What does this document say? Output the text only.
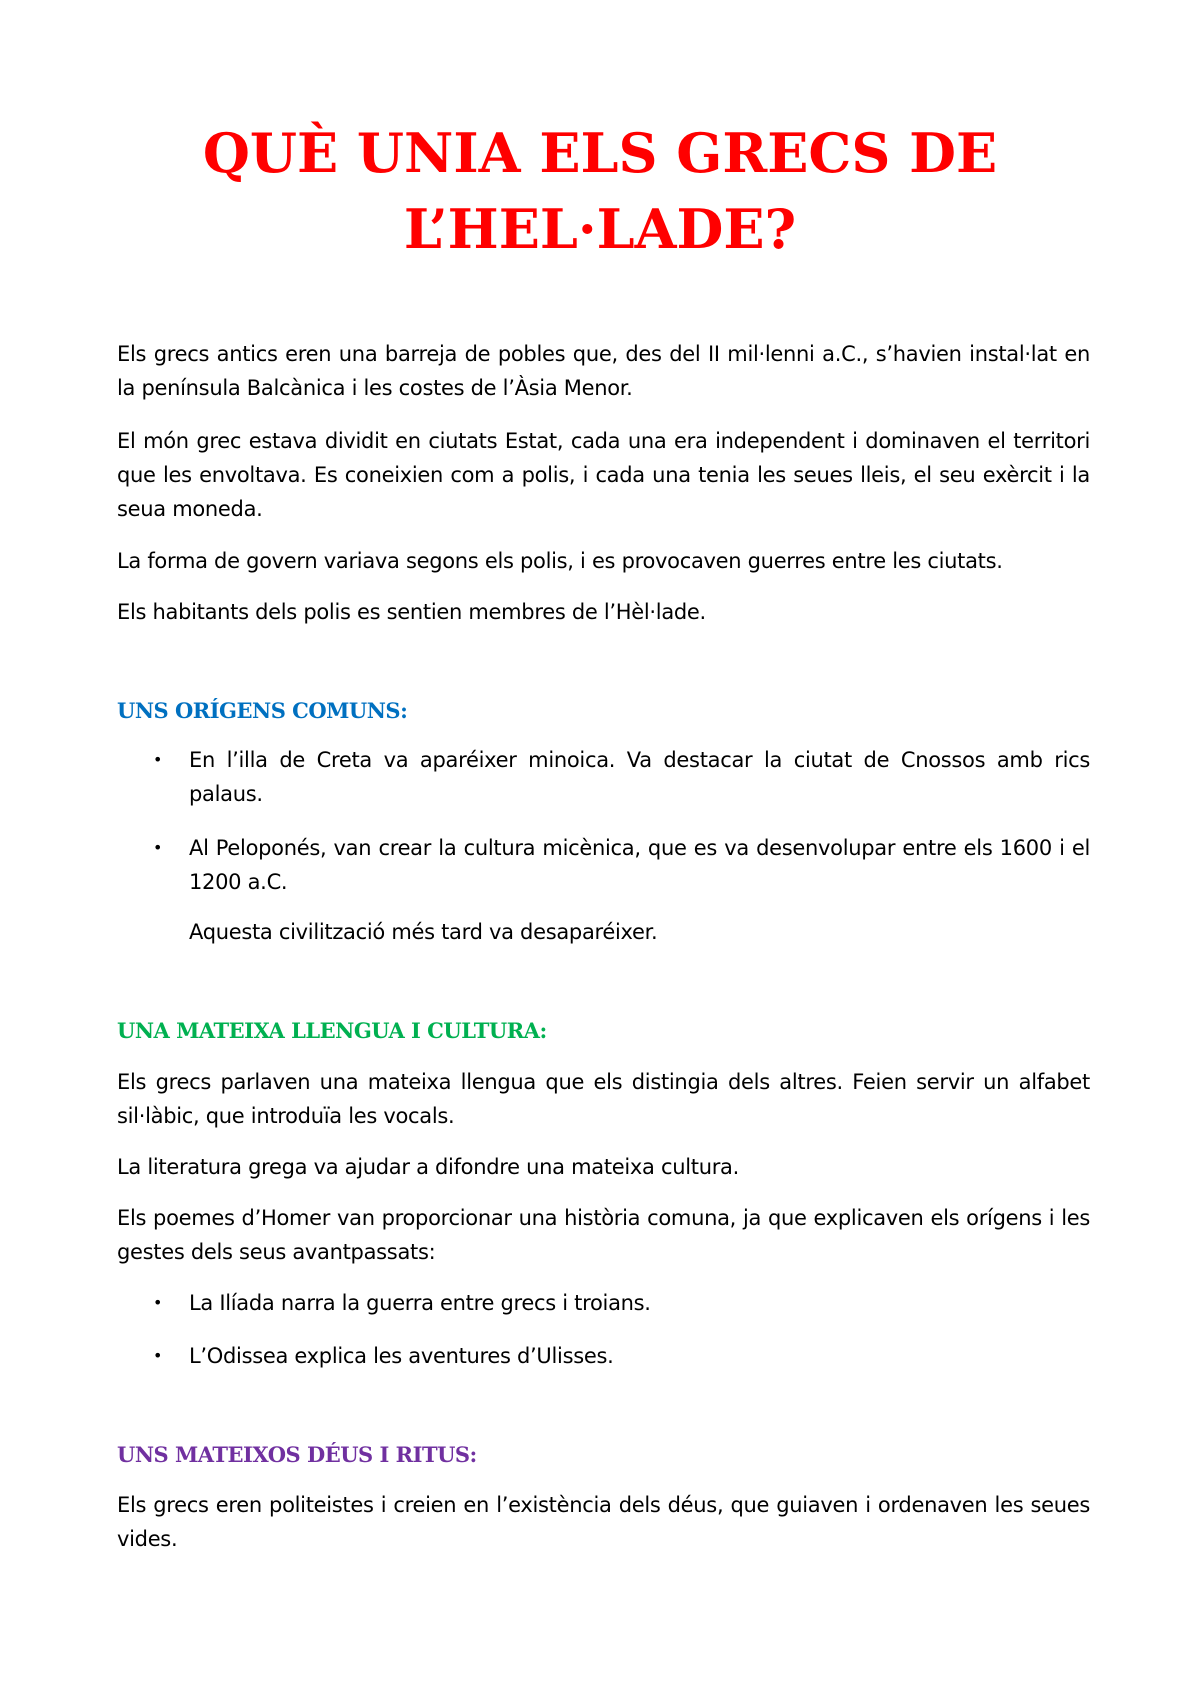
QUÈ UNIA ELS GRECS DE
L’HEL·LADE?
Els grecs antics eren una barreja de pobles que, des del II mil·lenni a.C., s’havien instal·lat en la península Balcànica i les costes de l’Àsia Menor.
El món grec estava dividit en ciutats Estat, cada una era independent i dominaven el territori que les envoltava. Es coneixien com a polis, i cada una tenia les seues lleis, el seu exèrcit i la seua moneda.
La forma de govern variava segons els polis, i es provocaven guerres entre les ciutats.
Els habitants dels polis es sentien membres de l’Hèl·lade.
UNS ORÍGENS COMUNS:
• En l’illa de Creta va aparéixer minoica. Va destacar la ciutat de Cnossos amb rics palaus.
• Al Peloponés, van crear la cultura micènica, que es va desenvolupar entre els 1600 i el 1200 a.C.
Aquesta civilització més tard va desaparéixer.
UNA MATEIXA LLENGUA I CULTURA:
Els grecs parlaven una mateixa llengua que els distingia dels altres. Feien servir un alfabet sil·làbic, que introduïa les vocals.
La literatura grega va ajudar a difondre una mateixa cultura.
Els poemes d’Homer van proporcionar una història comuna, ja que explicaven els orígens i les gestes dels seus avantpassats:
• La Ilíada narra la guerra entre grecs i troians.
• L’Odissea explica les aventures d’Ulisses.
UNS MATEIXOS DÉUS I RITUS:
Els grecs eren politeistes i creien en l’existència dels déus, que guiaven i ordenaven les seues vides.
